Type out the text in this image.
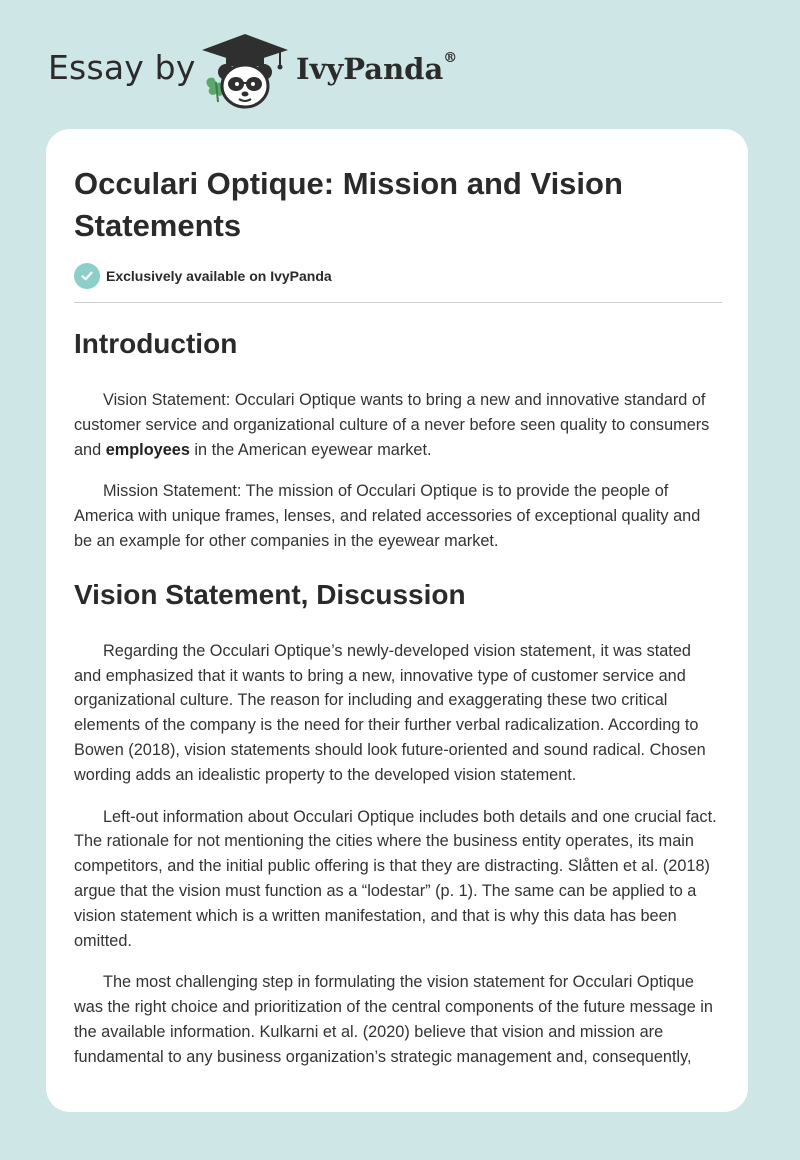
Essay by	IvyPanda®
Occulari Optique: Mission and Vision Statements
Exclusively available on IvyPanda
Introduction

Vision Statement: Occulari Optique wants to bring a new and innovative standard of customer service and organizational culture of a never before seen quality to consumers and employees in the American eyewear market.

Mission Statement: The mission of Occulari Optique is to provide the people of America with unique frames, lenses, and related accessories of exceptional quality and be an example for other companies in the eyewear market.

Vision Statement, Discussion

Regarding the Occulari Optique’s newly-developed vision statement, it was stated and emphasized that it wants to bring a new, innovative type of customer service and organizational culture. The reason for including and exaggerating these two critical elements of the company is the need for their further verbal radicalization. According to Bowen (2018), vision statements should look future-oriented and sound radical. Chosen wording adds an idealistic property to the developed vision statement.

Left-out information about Occulari Optique includes both details and one crucial fact. The rationale for not mentioning the cities where the business entity operates, its main competitors, and the initial public offering is that they are distracting. Slåtten et al. (2018) argue that the vision must function as a “lodestar” (p. 1). The same can be applied to a vision statement which is a written manifestation, and that is why this data has been omitted.

The most challenging step in formulating the vision statement for Occulari Optique was the right choice and prioritization of the central components of the future message in the available information. Kulkarni et al. (2020) believe that vision and mission are fundamental to any business organization’s strategic management and, consequently,
